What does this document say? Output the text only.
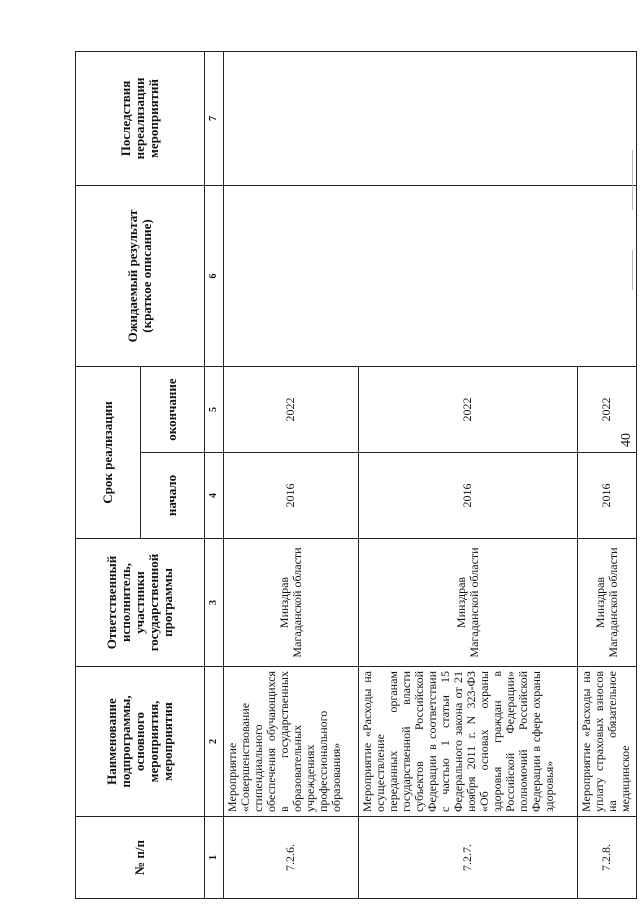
40
№ п/п	Наименование подпрограммы, основного мероприятия, мероприятия	Ответственный исполнитель, участники государственной программы	Срок реализации		Ожидаемый результат (краткое описание)	Последствия нереализации мероприятий
			начало	окончание		
1	2	3	4	5	6	7
7.2.6.	Мероприятие «Совершенствование стипендиального обеспечения обучающихся в государственных образовательных учреждениях профессионального образования»	Минздрав Магаданской области	2016	2022		
7.2.7.	Мероприятие «Расходы на осуществление переданных органам государственной власти субъектов Российской Федерации в соответствии с частью 1 статьи 15 Федерального закона от 21 ноября 2011 г. N 323-ФЗ «Об основах охраны здоровья граждан в Российской Федерации» полномочий Российской Федерации в сфере охраны здоровья»	Минздрав Магаданской области	2016	2022		
7.2.8.	Мероприятие «Расходы на уплату страховых взносов на обязательное медицинское	Минздрав Магаданской области	2016	2022		
